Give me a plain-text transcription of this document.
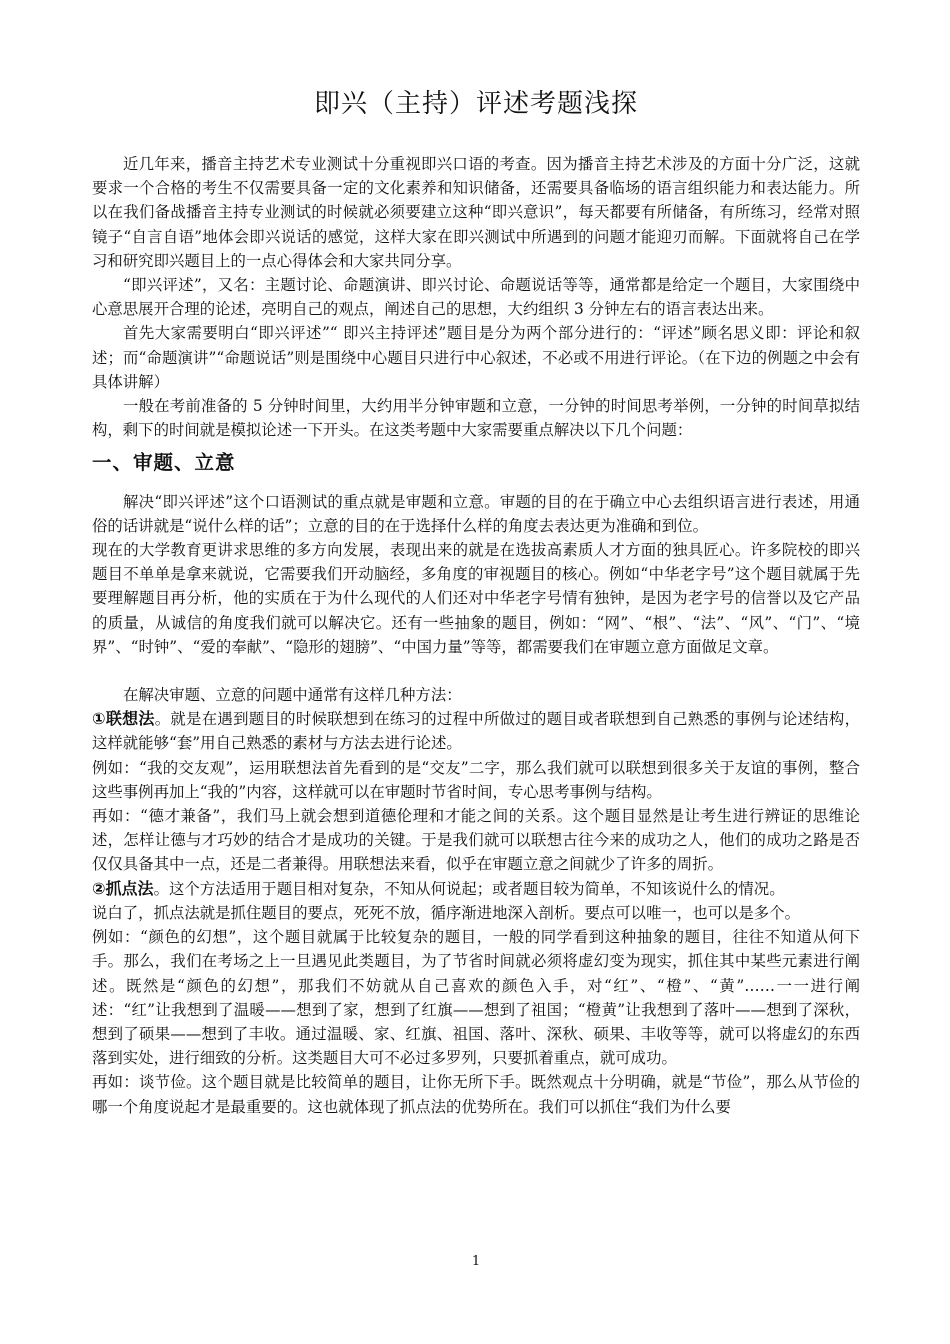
即兴（主持）评述考题浅探

近几年来，播音主持艺术专业测试十分重视即兴口语的考查。因为播音主持艺术涉及的方面十分广泛，这就要求一个合格的考生不仅需要具备一定的文化素养和知识储备，还需要具备临场的语言组织能力和表达能力。所以在我们备战播音主持专业测试的时候就必须要建立这种“即兴意识”，每天都要有所储备，有所练习，经常对照镜子“自言自语”地体会即兴说话的感觉，这样大家在即兴测试中所遇到的问题才能迎刃而解。下面就将自己在学习和研究即兴题目上的一点心得体会和大家共同分享。

“即兴评述”，又名：主题讨论、命题演讲、即兴讨论、命题说话等等，通常都是给定一个题目，大家围绕中心意思展开合理的论述，亮明自己的观点，阐述自己的思想，大约组织 3 分钟左右的语言表达出来。

首先大家需要明白“即兴评述”“ 即兴主持评述”题目是分为两个部分进行的：“评述”顾名思义即：评论和叙述；而“命题演讲”“命题说话”则是围绕中心题目只进行中心叙述，不必或不用进行评论。（在下边的例题之中会有具体讲解）

一般在考前准备的 5 分钟时间里，大约用半分钟审题和立意，一分钟的时间思考举例，一分钟的时间草拟结构，剩下的时间就是模拟论述一下开头。在这类考题中大家需要重点解决以下几个问题：

一、审题、立意

解决“即兴评述”这个口语测试的重点就是审题和立意。审题的目的在于确立中心去组织语言进行表述，用通俗的话讲就是“说什么样的话”；立意的目的在于选择什么样的角度去表达更为准确和到位。

现在的大学教育更讲求思维的多方向发展，表现出来的就是在选拔高素质人才方面的独具匠心。许多院校的即兴题目不单单是拿来就说，它需要我们开动脑经，多角度的审视题目的核心。例如“中华老字号”这个题目就属于先要理解题目再分析，他的实质在于为什么现代的人们还对中华老字号情有独钟，是因为老字号的信誉以及它产品的质量，从诚信的角度我们就可以解决它。还有一些抽象的题目，例如：“网”、“根”、“法”、“风”、“门”、“境界”、“时钟”、“爱的奉献”、“隐形的翅膀”、“中国力量”等等，都需要我们在审题立意方面做足文章。

在解决审题、立意的问题中通常有这样几种方法：

①联想法。就是在遇到题目的时候联想到在练习的过程中所做过的题目或者联想到自己熟悉的事例与论述结构，这样就能够“套”用自己熟悉的素材与方法去进行论述。

例如：“我的交友观”，运用联想法首先看到的是“交友”二字，那么我们就可以联想到很多关于友谊的事例，整合这些事例再加上“我的”内容，这样就可以在审题时节省时间，专心思考事例与结构。

再如：“德才兼备”，我们马上就会想到道德伦理和才能之间的关系。这个题目显然是让考生进行辨证的思维论述，怎样让德与才巧妙的结合才是成功的关键。于是我们就可以联想古往今来的成功之人，他们的成功之路是否仅仅具备其中一点，还是二者兼得。用联想法来看，似乎在审题立意之间就少了许多的周折。

②抓点法。这个方法适用于题目相对复杂，不知从何说起；或者题目较为简单，不知该说什么的情况。

说白了，抓点法就是抓住题目的要点，死死不放，循序渐进地深入剖析。要点可以唯一，也可以是多个。

例如：“颜色的幻想”，这个题目就属于比较复杂的题目，一般的同学看到这种抽象的题目，往往不知道从何下手。那么，我们在考场之上一旦遇见此类题目，为了节省时间就必须将虚幻变为现实，抓住其中某些元素进行阐述。既然是“颜色的幻想”，那我们不妨就从自己喜欢的颜色入手，对“红”、“橙”、“黄”……一一进行阐述：“红”让我想到了温暖——想到了家，想到了红旗——想到了祖国；“橙黄”让我想到了落叶——想到了深秋，想到了硕果——想到了丰收。通过温暖、家、红旗、祖国、落叶、深秋、硕果、丰收等等，就可以将虚幻的东西落到实处，进行细致的分析。这类题目大可不必过多罗列，只要抓着重点，就可成功。

再如：谈节俭。这个题目就是比较简单的题目，让你无所下手。既然观点十分明确，就是“节俭”，那么从节俭的哪一个角度说起才是最重要的。这也就体现了抓点法的优势所在。我们可以抓住“我们为什么要

1
